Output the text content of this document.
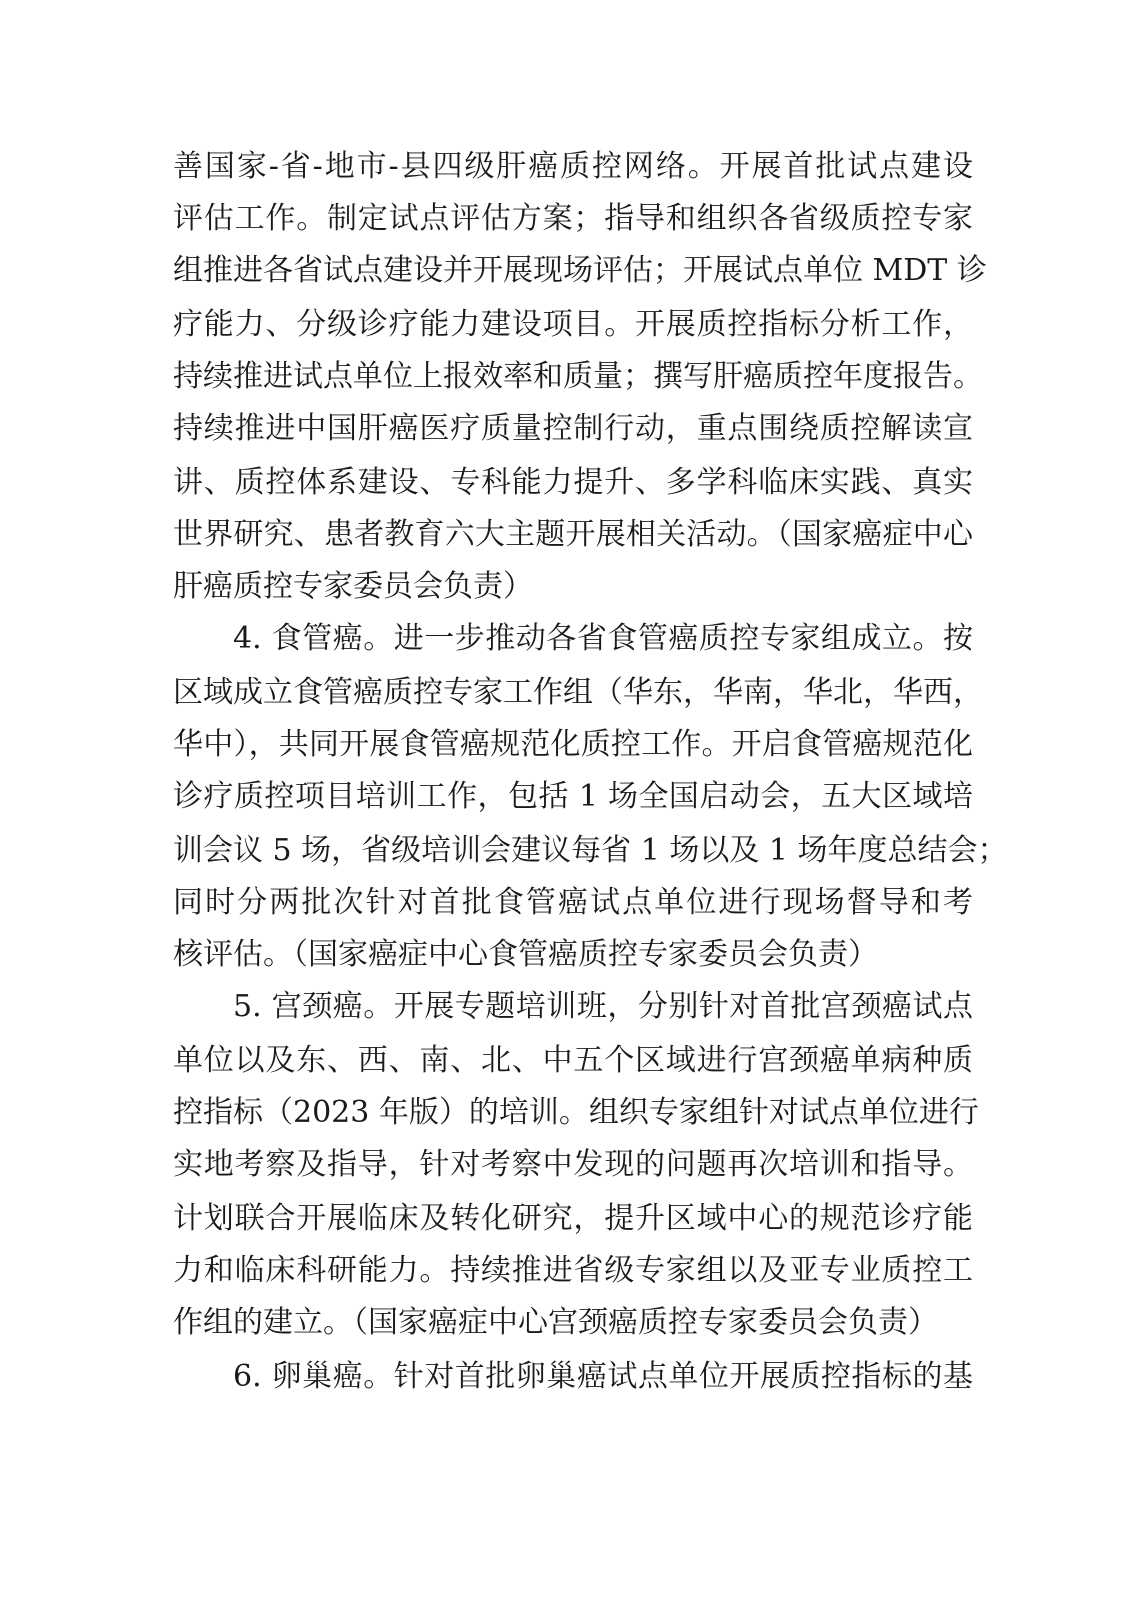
善国家-省-地市-县四级肝癌质控网络。开展首批试点建设
评估工作。制定试点评估方案；指导和组织各省级质控专家
组推进各省试点建设并开展现场评估；开展试点单位 MDT 诊
疗能力、分级诊疗能力建设项目。开展质控指标分析工作，
持续推进试点单位上报效率和质量；撰写肝癌质控年度报告。
持续推进中国肝癌医疗质量控制行动，重点围绕质控解读宣
讲、质控体系建设、专科能力提升、多学科临床实践、真实
世界研究、患者教育六大主题开展相关活动。（国家癌症中心
肝癌质控专家委员会负责）
4. 食管癌。进一步推动各省食管癌质控专家组成立。按
区域成立食管癌质控专家工作组（华东，华南，华北，华西，
华中），共同开展食管癌规范化质控工作。开启食管癌规范化
诊疗质控项目培训工作，包括 1 场全国启动会，五大区域培
训会议 5 场，省级培训会建议每省 1 场以及 1 场年度总结会；
同时分两批次针对首批食管癌试点单位进行现场督导和考
核评估。（国家癌症中心食管癌质控专家委员会负责）
5. 宫颈癌。开展专题培训班，分别针对首批宫颈癌试点
单位以及东、西、南、北、中五个区域进行宫颈癌单病种质
控指标（2023 年版）的培训。组织专家组针对试点单位进行
实地考察及指导，针对考察中发现的问题再次培训和指导。
计划联合开展临床及转化研究，提升区域中心的规范诊疗能
力和临床科研能力。持续推进省级专家组以及亚专业质控工
作组的建立。（国家癌症中心宫颈癌质控专家委员会负责）
6. 卵巢癌。针对首批卵巢癌试点单位开展质控指标的基
